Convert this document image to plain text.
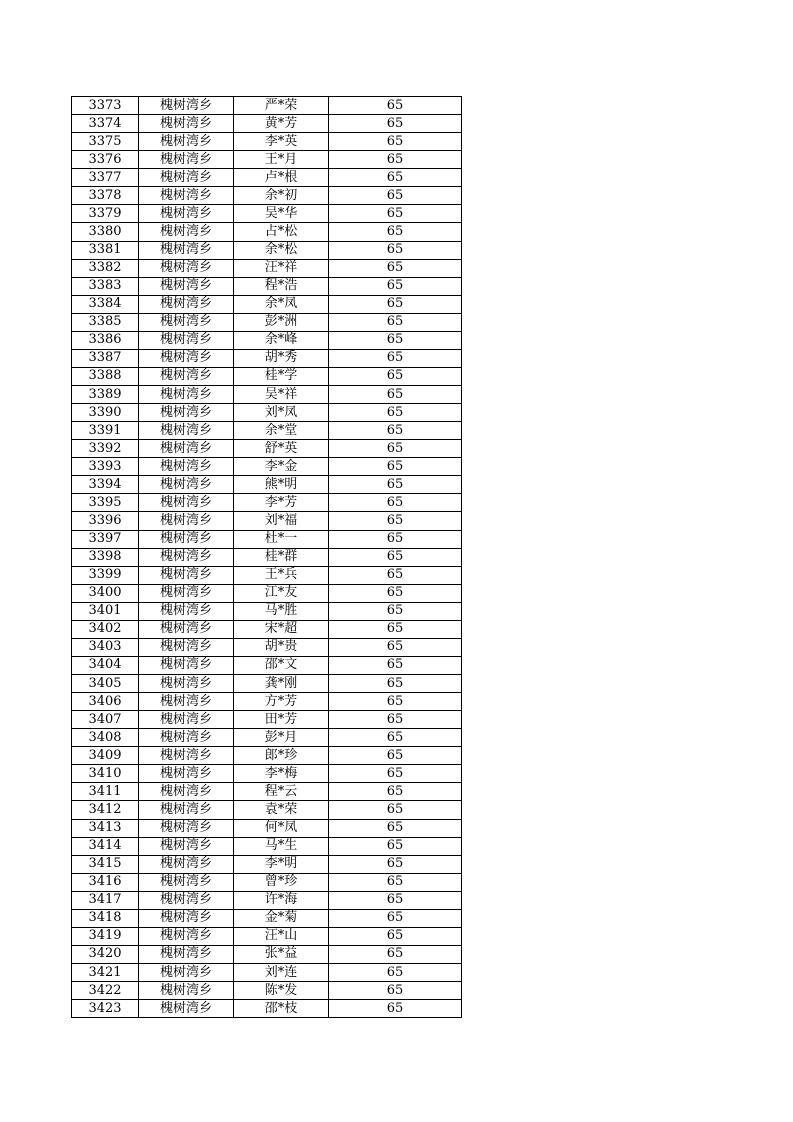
3373	槐树湾乡	严*荣	65
3374	槐树湾乡	黄*芳	65
3375	槐树湾乡	李*英	65
3376	槐树湾乡	王*月	65
3377	槐树湾乡	卢*根	65
3378	槐树湾乡	余*初	65
3379	槐树湾乡	吴*华	65
3380	槐树湾乡	占*松	65
3381	槐树湾乡	余*松	65
3382	槐树湾乡	汪*祥	65
3383	槐树湾乡	程*浩	65
3384	槐树湾乡	余*凤	65
3385	槐树湾乡	彭*洲	65
3386	槐树湾乡	余*峰	65
3387	槐树湾乡	胡*秀	65
3388	槐树湾乡	桂*学	65
3389	槐树湾乡	吴*祥	65
3390	槐树湾乡	刘*凤	65
3391	槐树湾乡	余*堂	65
3392	槐树湾乡	舒*英	65
3393	槐树湾乡	李*金	65
3394	槐树湾乡	熊*明	65
3395	槐树湾乡	李*芳	65
3396	槐树湾乡	刘*福	65
3397	槐树湾乡	杜*一	65
3398	槐树湾乡	桂*群	65
3399	槐树湾乡	王*兵	65
3400	槐树湾乡	江*友	65
3401	槐树湾乡	马*胜	65
3402	槐树湾乡	宋*超	65
3403	槐树湾乡	胡*贵	65
3404	槐树湾乡	邵*文	65
3405	槐树湾乡	龚*刚	65
3406	槐树湾乡	方*芳	65
3407	槐树湾乡	田*芳	65
3408	槐树湾乡	彭*月	65
3409	槐树湾乡	郎*珍	65
3410	槐树湾乡	李*梅	65
3411	槐树湾乡	程*云	65
3412	槐树湾乡	袁*荣	65
3413	槐树湾乡	何*凤	65
3414	槐树湾乡	马*生	65
3415	槐树湾乡	李*明	65
3416	槐树湾乡	曾*珍	65
3417	槐树湾乡	许*海	65
3418	槐树湾乡	金*菊	65
3419	槐树湾乡	汪*山	65
3420	槐树湾乡	张*益	65
3421	槐树湾乡	刘*连	65
3422	槐树湾乡	陈*发	65
3423	槐树湾乡	邵*枝	65
